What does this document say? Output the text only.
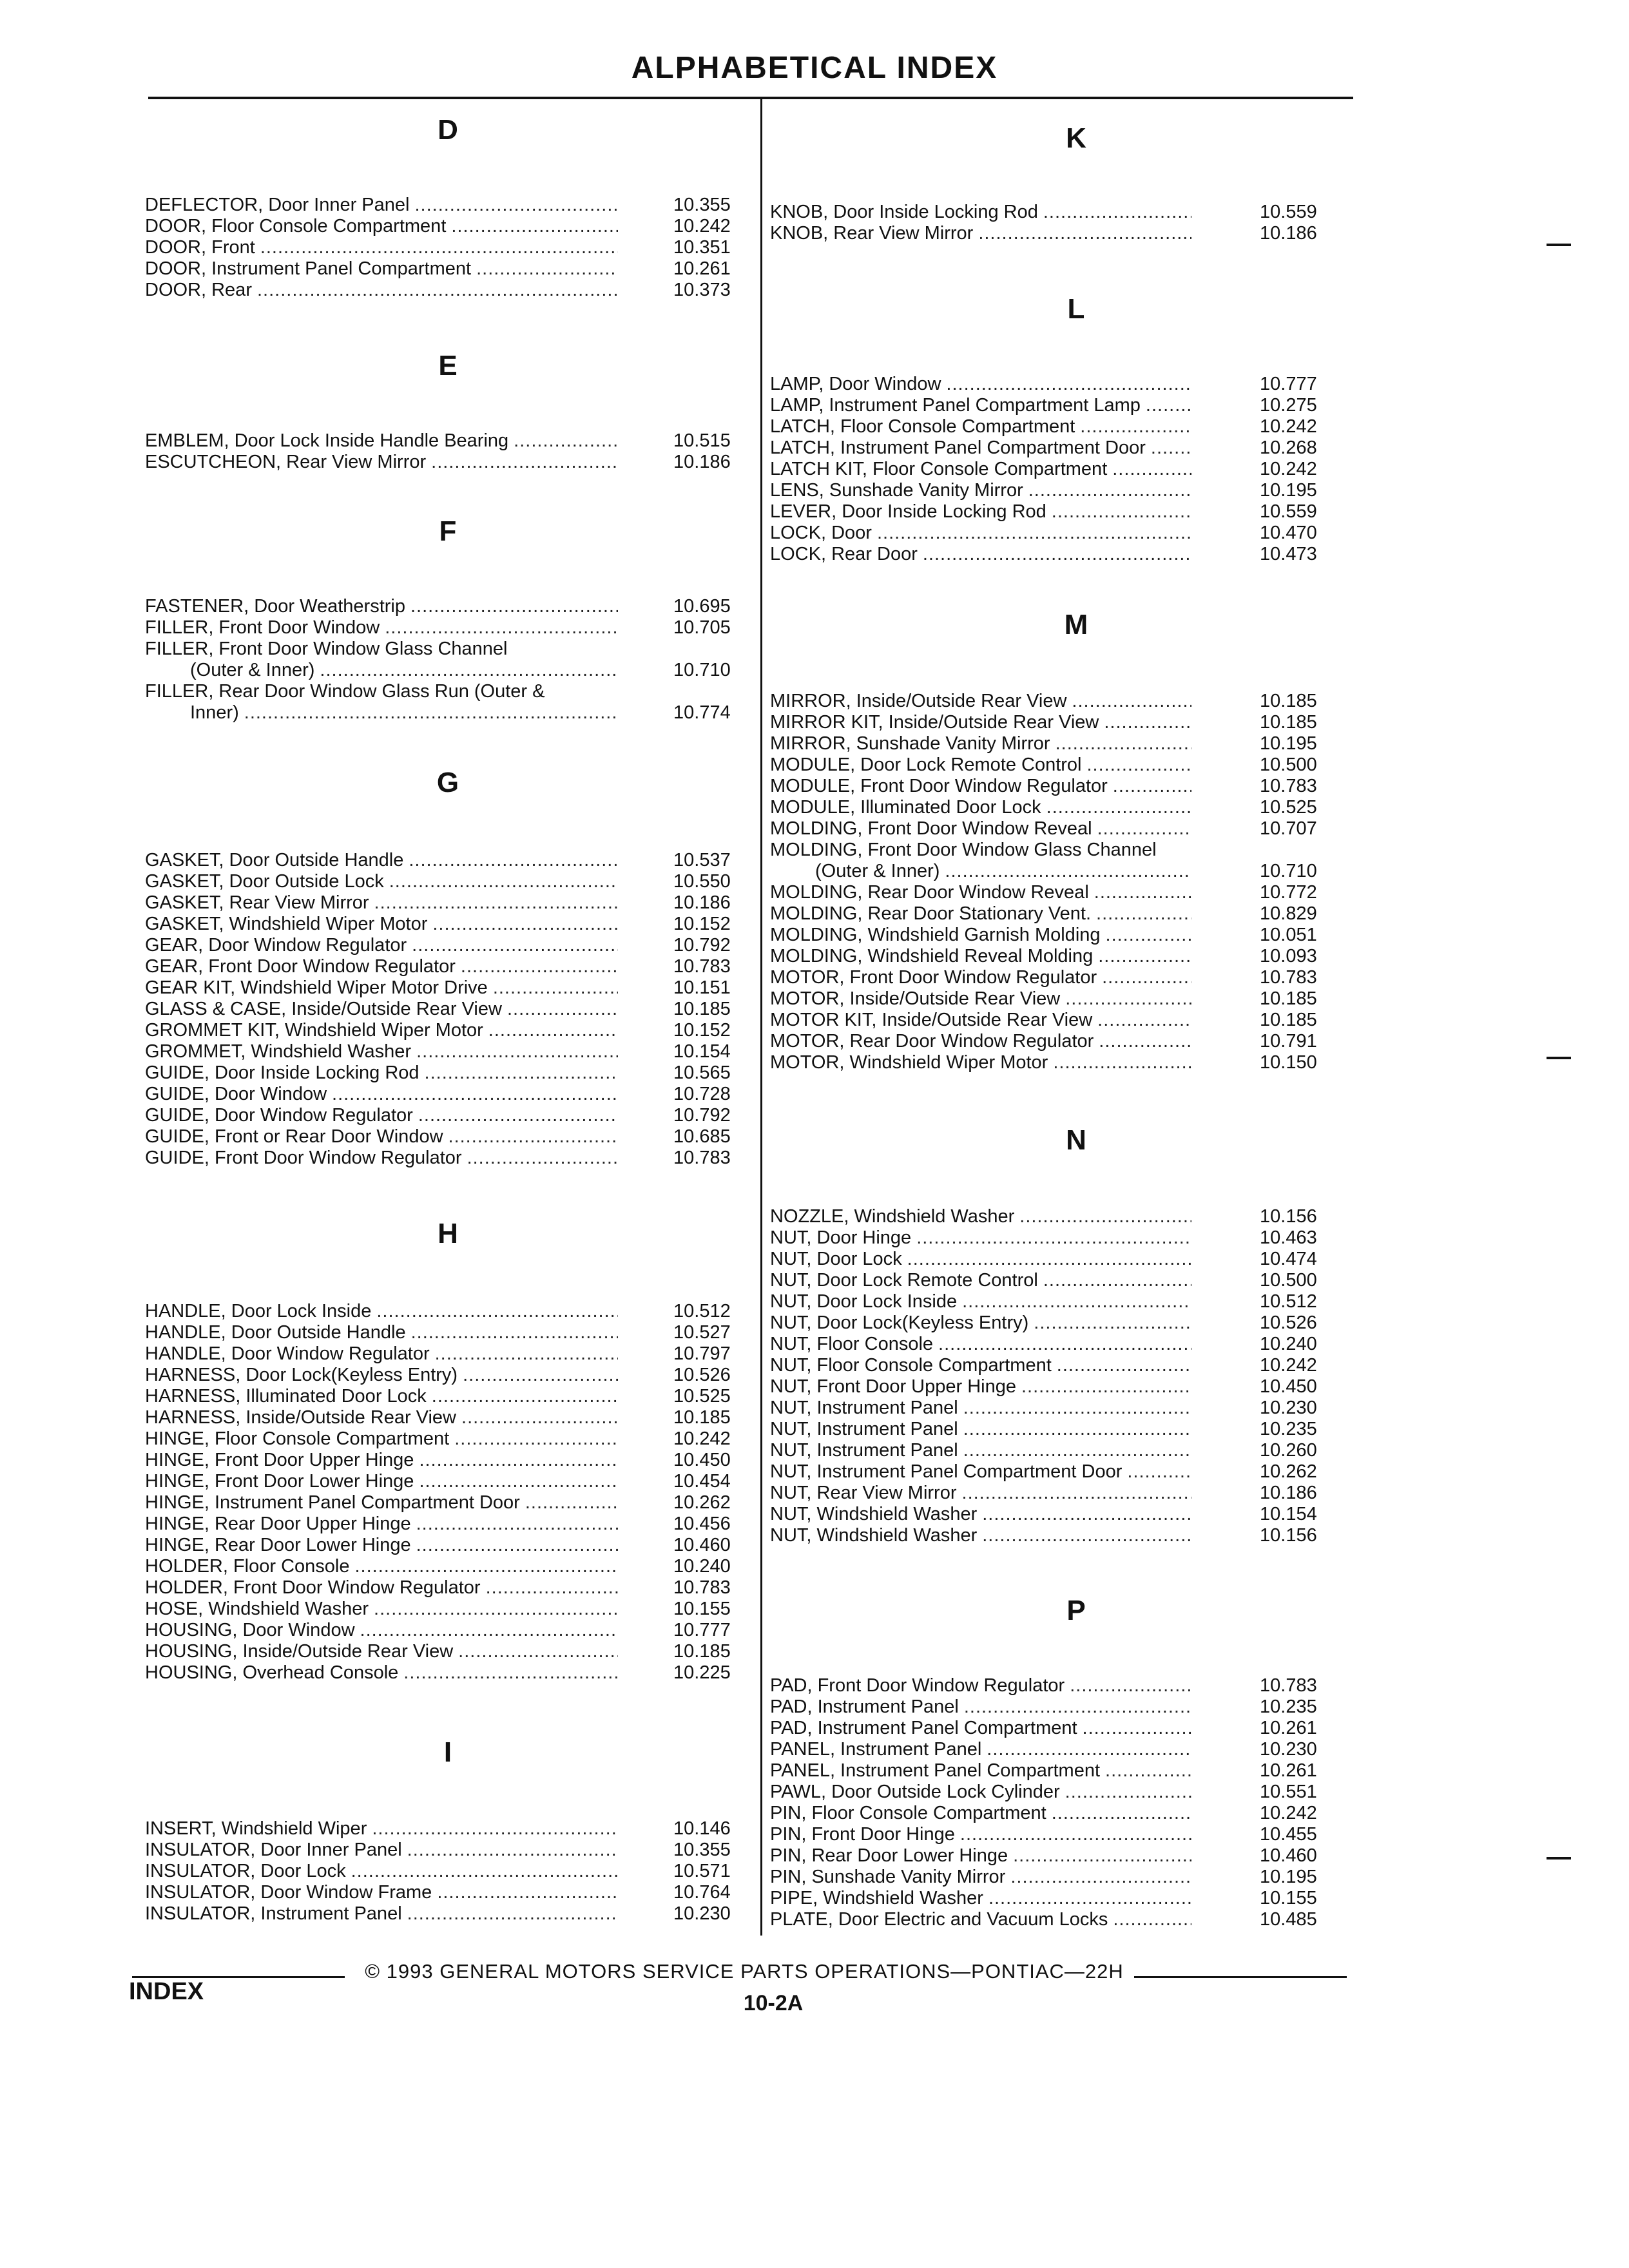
ALPHABETICAL INDEX
D
DEFLECTOR, Door Inner Panel .....	10.355
DOOR, Floor Console Compartment .....	10.242
DOOR, Front .....	10.351
DOOR, Instrument Panel Compartment .....	10.261
DOOR, Rear .....	10.373
E
EMBLEM, Door Lock Inside Handle Bearing .....	10.515
ESCUTCHEON, Rear View Mirror .....	10.186
F
FASTENER, Door Weatherstrip .....	10.695
FILLER, Front Door Window .....	10.705
FILLER, Front Door Window Glass Channel
(Outer & Inner) .....	10.710
FILLER, Rear Door Window Glass Run (Outer &
Inner) .....	10.774
G
GASKET, Door Outside Handle .....	10.537
GASKET, Door Outside Lock .....	10.550
GASKET, Rear View Mirror .....	10.186
GASKET, Windshield Wiper Motor .....	10.152
GEAR, Door Window Regulator .....	10.792
GEAR, Front Door Window Regulator .....	10.783
GEAR KIT, Windshield Wiper Motor Drive .....	10.151
GLASS & CASE, Inside/Outside Rear View .....	10.185
GROMMET KIT, Windshield Wiper Motor .....	10.152
GROMMET, Windshield Washer .....	10.154
GUIDE, Door Inside Locking Rod .....	10.565
GUIDE, Door Window .....	10.728
GUIDE, Door Window Regulator .....	10.792
GUIDE, Front or Rear Door Window .....	10.685
GUIDE, Front Door Window Regulator .....	10.783
H
HANDLE, Door Lock Inside .....	10.512
HANDLE, Door Outside Handle .....	10.527
HANDLE, Door Window Regulator .....	10.797
HARNESS, Door Lock(Keyless Entry) .....	10.526
HARNESS, Illuminated Door Lock .....	10.525
HARNESS, Inside/Outside Rear View .....	10.185
HINGE, Floor Console Compartment .....	10.242
HINGE, Front Door Upper Hinge .....	10.450
HINGE, Front Door Lower Hinge .....	10.454
HINGE, Instrument Panel Compartment Door .....	10.262
HINGE, Rear Door Upper Hinge .....	10.456
HINGE, Rear Door Lower Hinge .....	10.460
HOLDER, Floor Console .....	10.240
HOLDER, Front Door Window Regulator .....	10.783
HOSE, Windshield Washer .....	10.155
HOUSING, Door Window .....	10.777
HOUSING, Inside/Outside Rear View .....	10.185
HOUSING, Overhead Console .....	10.225
I
INSERT, Windshield Wiper .....	10.146
INSULATOR, Door Inner Panel .....	10.355
INSULATOR, Door Lock .....	10.571
INSULATOR, Door Window Frame .....	10.764
INSULATOR, Instrument Panel .....	10.230
K
KNOB, Door Inside Locking Rod .....	10.559
KNOB, Rear View Mirror .....	10.186
L
LAMP, Door Window .....	10.777
LAMP, Instrument Panel Compartment Lamp .....	10.275
LATCH, Floor Console Compartment .....	10.242
LATCH, Instrument Panel Compartment Door .....	10.268
LATCH KIT, Floor Console Compartment .....	10.242
LENS, Sunshade Vanity Mirror .....	10.195
LEVER, Door Inside Locking Rod .....	10.559
LOCK, Door .....	10.470
LOCK, Rear Door .....	10.473
M
MIRROR, Inside/Outside Rear View .....	10.185
MIRROR KIT, Inside/Outside Rear View .....	10.185
MIRROR, Sunshade Vanity Mirror .....	10.195
MODULE, Door Lock Remote Control .....	10.500
MODULE, Front Door Window Regulator .....	10.783
MODULE, Illuminated Door Lock .....	10.525
MOLDING, Front Door Window Reveal .....	10.707
MOLDING, Front Door Window Glass Channel
(Outer & Inner) .....	10.710
MOLDING, Rear Door Window Reveal .....	10.772
MOLDING, Rear Door Stationary Vent. .....	10.829
MOLDING, Windshield Garnish Molding .....	10.051
MOLDING, Windshield Reveal Molding .....	10.093
MOTOR, Front Door Window Regulator .....	10.783
MOTOR, Inside/Outside Rear View .....	10.185
MOTOR KIT, Inside/Outside Rear View .....	10.185
MOTOR, Rear Door Window Regulator .....	10.791
MOTOR, Windshield Wiper Motor .....	10.150
N
NOZZLE, Windshield Washer .....	10.156
NUT, Door Hinge .....	10.463
NUT, Door Lock .....	10.474
NUT, Door Lock Remote Control .....	10.500
NUT, Door Lock Inside .....	10.512
NUT, Door Lock(Keyless Entry) .....	10.526
NUT, Floor Console .....	10.240
NUT, Floor Console Compartment .....	10.242
NUT, Front Door Upper Hinge .....	10.450
NUT, Instrument Panel .....	10.230
NUT, Instrument Panel .....	10.235
NUT, Instrument Panel .....	10.260
NUT, Instrument Panel Compartment Door .....	10.262
NUT, Rear View Mirror .....	10.186
NUT, Windshield Washer .....	10.154
NUT, Windshield Washer .....	10.156
P
PAD, Front Door Window Regulator .....	10.783
PAD, Instrument Panel .....	10.235
PAD, Instrument Panel Compartment .....	10.261
PANEL, Instrument Panel .....	10.230
PANEL, Instrument Panel Compartment .....	10.261
PAWL, Door Outside Lock Cylinder .....	10.551
PIN, Floor Console Compartment .....	10.242
PIN, Front Door Hinge .....	10.455
PIN, Rear Door Lower Hinge .....	10.460
PIN, Sunshade Vanity Mirror .....	10.195
PIPE, Windshield Washer .....	10.155
PLATE, Door Electric and Vacuum Locks .....	10.485
© 1993 GENERAL MOTORS SERVICE PARTS OPERATIONS—PONTIAC—22H
INDEX	10-2A
